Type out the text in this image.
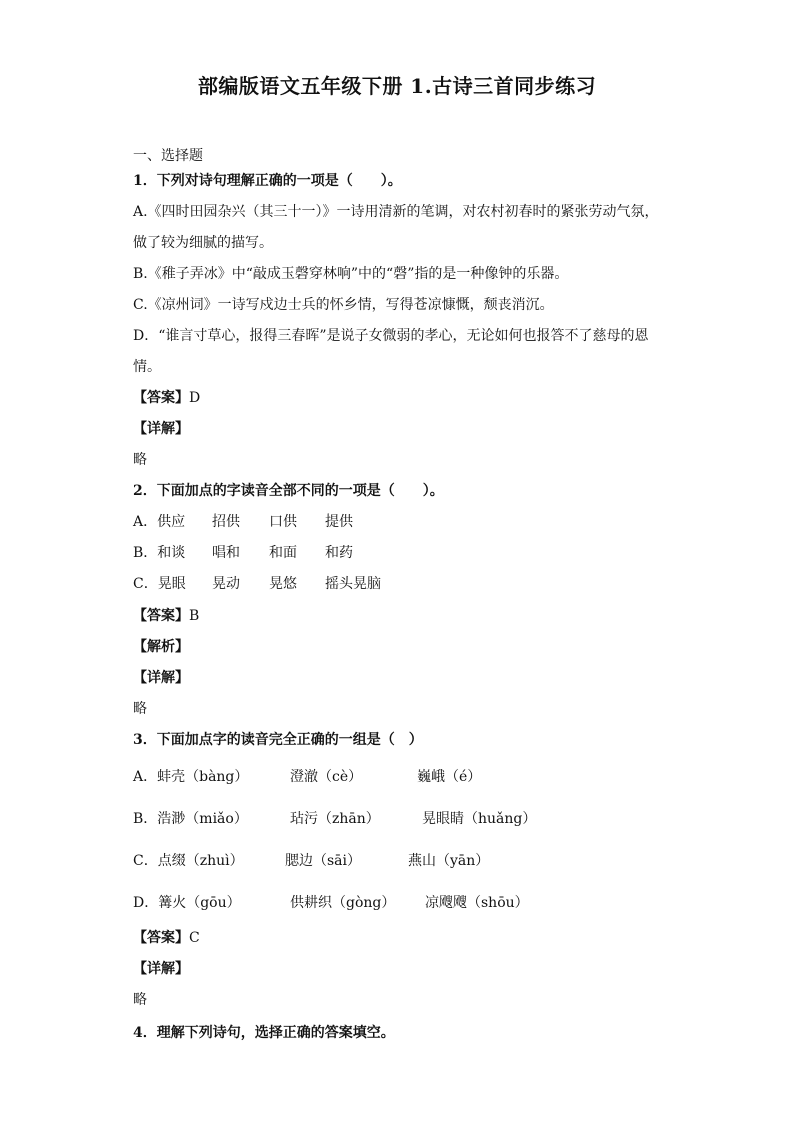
部编版语文五年级下册 1.古诗三首同步练习
一、选择题
1．下列对诗句理解正确的一项是（　　）。
A.《四时田园杂兴（其三十一）》一诗用清新的笔调，对农村初春时的紧张劳动气氛，
做了较为细腻的描写。
B.《稚子弄冰》中“敲成玉磬穿林响”中的“磬”指的是一种像钟的乐器。
C.《凉州词》一诗写戍边士兵的怀乡情，写得苍凉慷慨，颓丧消沉。
D．“谁言寸草心，报得三春晖”是说子女微弱的孝心，无论如何也报答不了慈母的恩
情。
【答案】D
【详解】
略
2．下面加点的字读音全部不同的一项是（　　）。
A．供应 招供 口供 提供
B．和谈 唱和 和面 和药
C．晃眼 晃动 晃悠 摇头晃脑
【答案】B
【解析】
【详解】
略
3．下面加点字的读音完全正确的一组是（　）
A．蚌壳（bàng）	澄澈（cè）	巍峨（é）
B．浩渺（miǎo）	玷污（zhān）	晃眼睛（huǎng）
C．点缀（zhuì）	腮边（sāi）	燕山（yān）
D．篝火（gōu）	供耕织（gòng） 凉飕飕（shōu）
【答案】C
【详解】
略
4．理解下列诗句，选择正确的答案填空。
